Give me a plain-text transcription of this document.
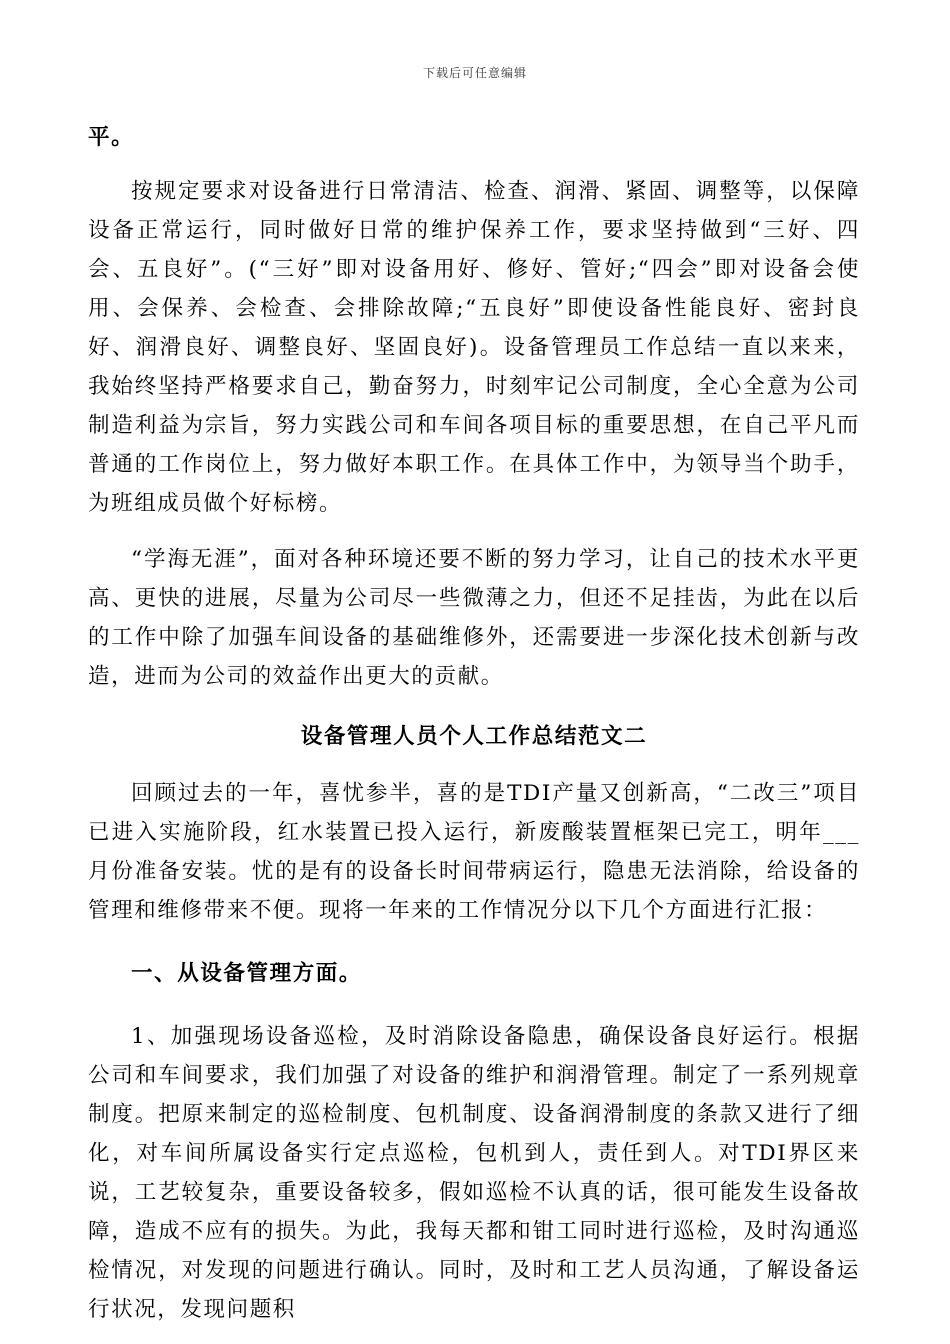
下载后可任意编辑

平。

按规定要求对设备进行日常清洁、检查、润滑、紧固、调整等，以保障设备正常运行，同时做好日常的维护保养工作，要求坚持做到“三好、四会、五良好”。(“三好”即对设备用好、修好、管好;“四会”即对设备会使用、会保养、会检查、会排除故障;“五良好”即使设备性能良好、密封良好、润滑良好、调整良好、坚固良好)。设备管理员工作总结一直以来来，我始终坚持严格要求自己，勤奋努力，时刻牢记公司制度，全心全意为公司制造利益为宗旨，努力实践公司和车间各项目标的重要思想，在自己平凡而普通的工作岗位上，努力做好本职工作。在具体工作中，为领导当个助手，为班组成员做个好标榜。

“学海无涯”，面对各种环境还要不断的努力学习，让自己的技术水平更高、更快的进展，尽量为公司尽一些微薄之力，但还不足挂齿，为此在以后的工作中除了加强车间设备的基础维修外，还需要进一步深化技术创新与改造，进而为公司的效益作出更大的贡献。

设备管理人员个人工作总结范文二

回顾过去的一年，喜忧参半，喜的是TDI产量又创新高，“二改三”项目已进入实施阶段，红水装置已投入运行，新废酸装置框架已完工，明年___月份准备安装。忧的是有的设备长时间带病运行，隐患无法消除，给设备的管理和维修带来不便。现将一年来的工作情况分以下几个方面进行汇报：

一、从设备管理方面。

1、加强现场设备巡检，及时消除设备隐患，确保设备良好运行。根据公司和车间要求，我们加强了对设备的维护和润滑管理。制定了一系列规章制度。把原来制定的巡检制度、包机制度、设备润滑制度的条款又进行了细化，对车间所属设备实行定点巡检，包机到人，责任到人。对TDI界区来说，工艺较复杂，重要设备较多，假如巡检不认真的话，很可能发生设备故障，造成不应有的损失。为此，我每天都和钳工同时进行巡检，及时沟通巡检情况，对发现的问题进行确认。同时，及时和工艺人员沟通，了解设备运行状况，发现问题积
